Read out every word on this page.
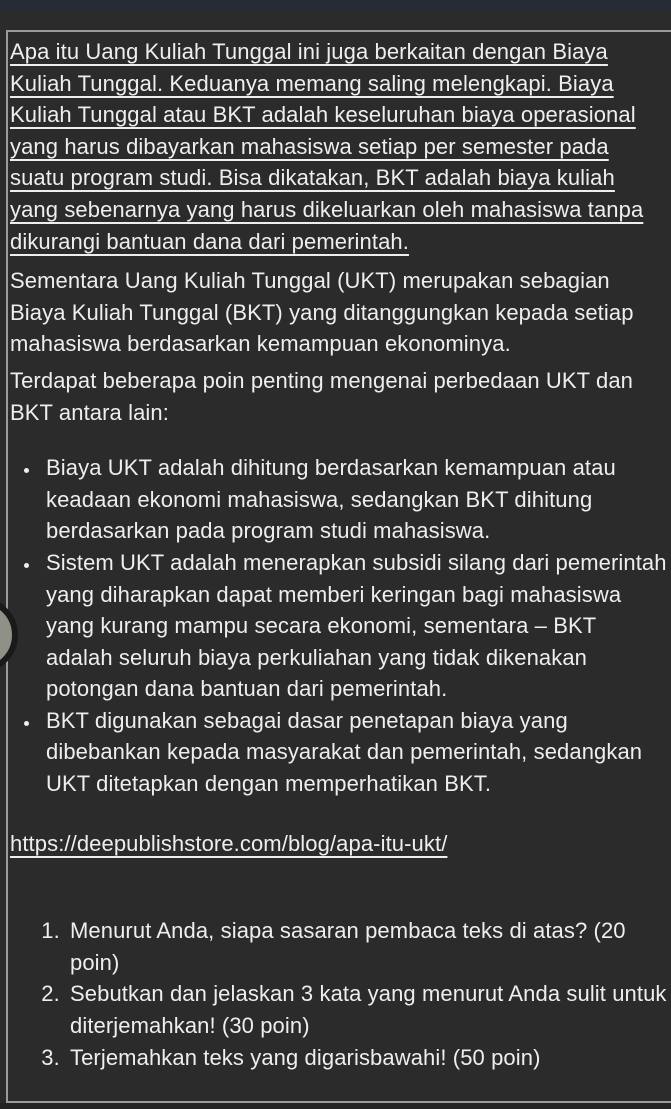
Apa itu Uang Kuliah Tunggal ini juga berkaitan dengan Biaya Kuliah Tunggal. Keduanya memang saling melengkapi. Biaya Kuliah Tunggal atau BKT adalah keseluruhan biaya operasional yang harus dibayarkan mahasiswa setiap per semester pada suatu program studi. Bisa dikatakan, BKT adalah biaya kuliah yang sebenarnya yang harus dikeluarkan oleh mahasiswa tanpa dikurangi bantuan dana dari pemerintah.

Sementara Uang Kuliah Tunggal (UKT) merupakan sebagian Biaya Kuliah Tunggal (BKT) yang ditanggungkan kepada setiap mahasiswa berdasarkan kemampuan ekonominya.

Terdapat beberapa poin penting mengenai perbedaan UKT dan BKT antara lain:

• Biaya UKT adalah dihitung berdasarkan kemampuan atau keadaan ekonomi mahasiswa, sedangkan BKT dihitung berdasarkan pada program studi mahasiswa.
• Sistem UKT adalah menerapkan subsidi silang dari pemerintah yang diharapkan dapat memberi keringan bagi mahasiswa yang kurang mampu secara ekonomi, sementara – BKT adalah seluruh biaya perkuliahan yang tidak dikenakan potongan dana bantuan dari pemerintah.
• BKT digunakan sebagai dasar penetapan biaya yang dibebankan kepada masyarakat dan pemerintah, sedangkan UKT ditetapkan dengan memperhatikan BKT.

https://deepublishstore.com/blog/apa-itu-ukt/

1. Menurut Anda, siapa sasaran pembaca teks di atas? (20 poin)
2. Sebutkan dan jelaskan 3 kata yang menurut Anda sulit untuk diterjemahkan! (30 poin)
3. Terjemahkan teks yang digarisbawahi! (50 poin)
